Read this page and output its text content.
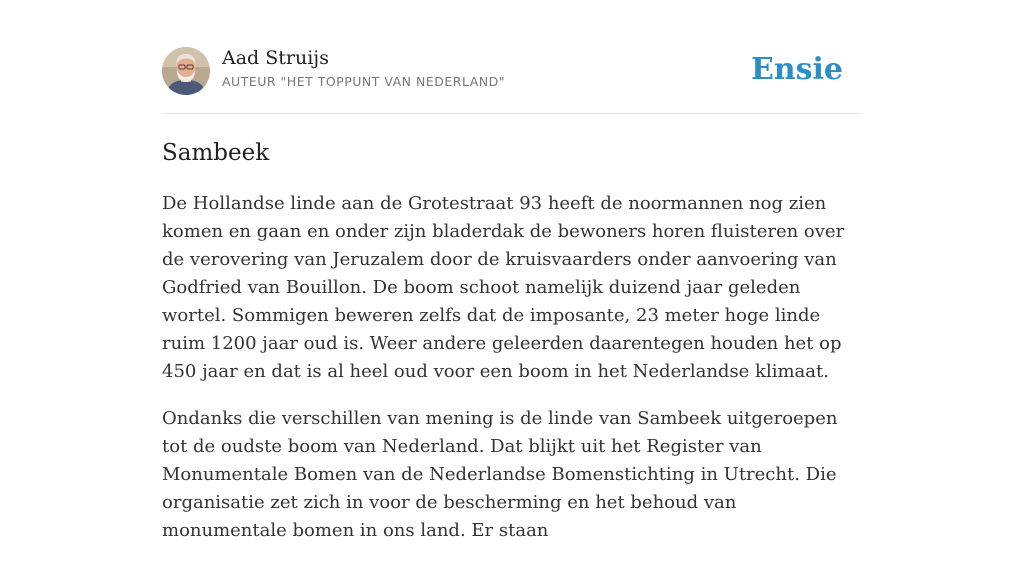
Aad Struijs
AUTEUR "HET TOPPUNT VAN NEDERLAND"	Ensie
Sambeek

De Hollandse linde aan de Grotestraat 93 heeft de noormannen nog zien komen en gaan en onder zijn bladerdak de bewoners horen fluisteren over de verovering van Jeruzalem door de kruisvaarders onder aanvoering van Godfried van Bouillon. De boom schoot namelijk duizend jaar geleden wortel. Sommigen beweren zelfs dat de imposante, 23 meter hoge linde ruim 1200 jaar oud is. Weer andere geleerden daarentegen houden het op 450 jaar en dat is al heel oud voor een boom in het Nederlandse klimaat.

Ondanks die verschillen van mening is de linde van Sambeek uitgeroepen tot de oudste boom van Nederland. Dat blijkt uit het Register van Monumentale Bomen van de Nederlandse Bomenstichting in Utrecht. Die organisatie zet zich in voor de bescherming en het behoud van monumentale bomen in ons land. Er staan
